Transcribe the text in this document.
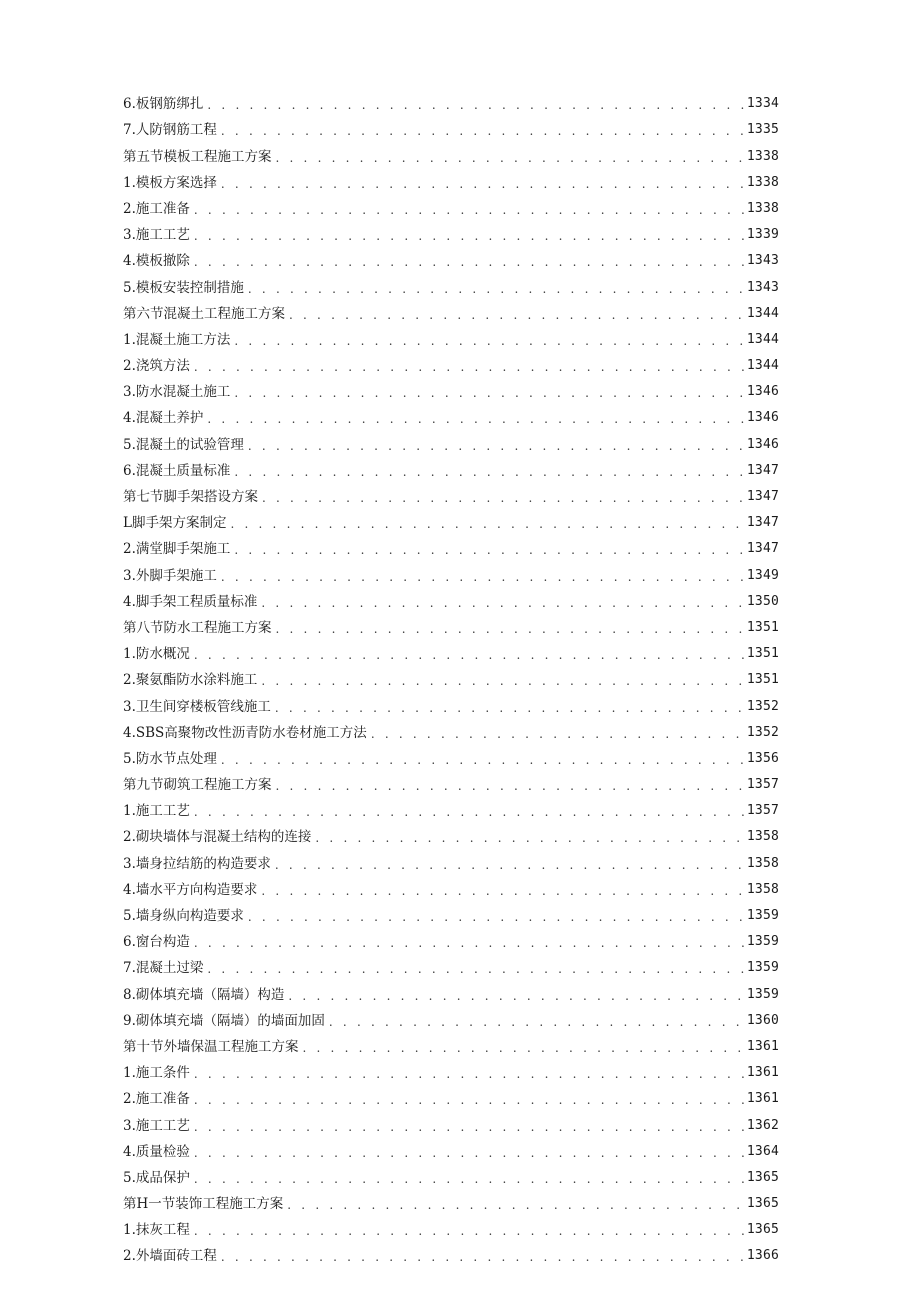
6.板钢筋绑扎 . . .	1334
7.人防钢筋工程 . . .	1335
第五节模板工程施工方案 . . .	1338
1.模板方案选择 . . .	1338
2.施工准备 . . .	1338
3.施工工艺 . . .	1339
4.模板撤除 . . .	1343
5.模板安装控制措施 . . .	1343
第六节混凝土工程施工方案 . . .	1344
1.混凝土施工方法 . . .	1344
2.浇筑方法 . . .	1344
3.防水混凝土施工 . . .	1346
4.混凝土养护 . . .	1346
5.混凝土的试验管理 . . .	1346
6.混凝土质量标准 . . .	1347
第七节脚手架搭设方案 . . .	1347
L脚手架方案制定 . . .	1347
2.满堂脚手架施工 . . .	1347
3.外脚手架施工 . . .	1349
4.脚手架工程质量标准 . . .	1350
第八节防水工程施工方案 . . .	1351
1.防水概况 . . .	1351
2.聚氨酯防水涂料施工 . . .	1351
3.卫生间穿楼板管线施工 . . .	1352
4.SBS高聚物改性沥青防水卷材施工方法 . . .	1352
5.防水节点处理 . . .	1356
第九节砌筑工程施工方案 . . .	1357
1.施工工艺 . . .	1357
2.砌块墙体与混凝土结构的连接 . . .	1358
3.墙身拉结筋的构造要求 . . .	1358
4.墙水平方向构造要求 . . .	1358
5.墙身纵向构造要求 . . .	1359
6.窗台构造 . . .	1359
7.混凝土过梁 . . .	1359
8.砌体填充墙（隔墙）构造 . . .	1359
9.砌体填充墙（隔墙）的墙面加固 . . .	1360
第十节外墙保温工程施工方案 . . .	1361
1.施工条件 . . .	1361
2.施工准备 . . .	1361
3.施工工艺 . . .	1362
4.质量检验 . . .	1364
5.成品保护 . . .	1365
第H一节装饰工程施工方案 . . .	1365
1.抹灰工程 . . .	1365
2.外墙面砖工程 . . .	1366
